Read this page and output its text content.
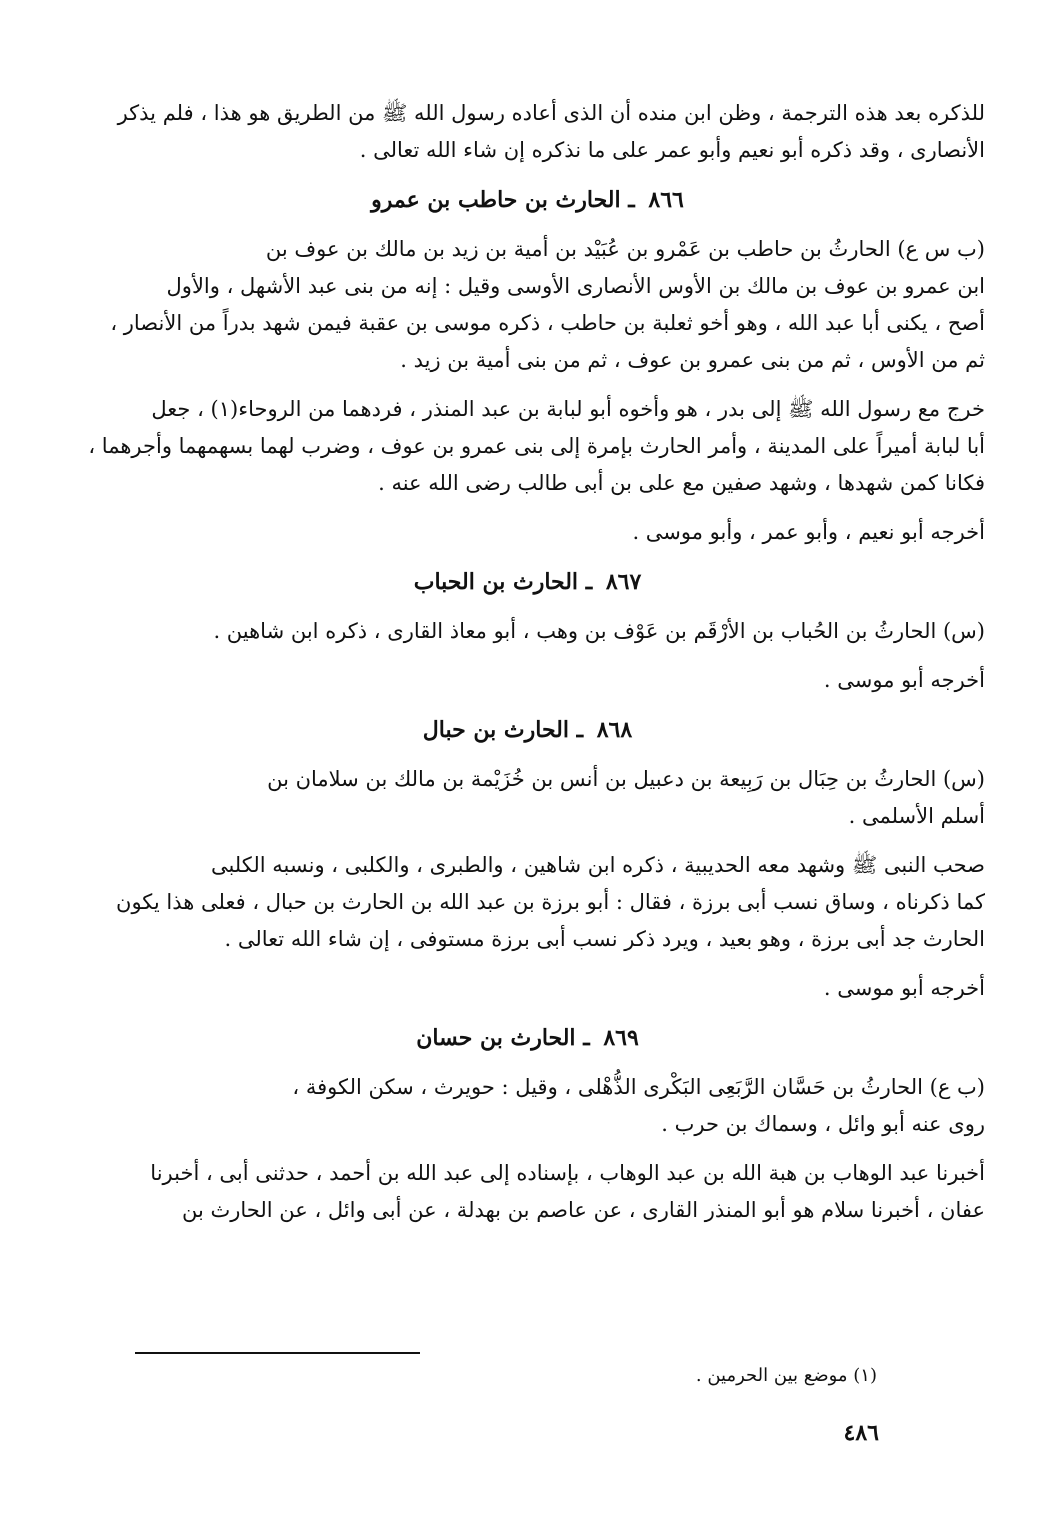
للذكره بعد هذه الترجمة ، وظن ابن منده أن الذى أعاده رسول الله ﷺ من الطريق هو هذا ، فلم يذكر
الأنصارى ، وقد ذكره أبو نعيم وأبو عمر على ما نذكره إن شاء الله تعالى .
٨٦٦ ـ الحارث بن حاطب بن عمرو
(ب س ع) الحارثُ بن حاطب بن عَمْرو بن عُبَيْد بن أمية بن زيد بن مالك بن عوف بن
ابن عمرو بن عوف بن مالك بن الأوس الأنصارى الأوسى وقيل : إنه من بنى عبد الأشهل ، والأول
أصح ، يكنى أبا عبد الله ، وهو أخو ثعلبة بن حاطب ، ذكره موسى بن عقبة فيمن شهد بدراً من الأنصار ،
ثم من الأوس ، ثم من بنى عمرو بن عوف ، ثم من بنى أمية بن زيد .
خرج مع رسول الله ﷺ إلى بدر ، هو وأخوه أبو لبابة بن عبد المنذر ، فردهما من الروحاء(١) ، جعل
أبا لبابة أميراً على المدينة ، وأمر الحارث بإمرة إلى بنى عمرو بن عوف ، وضرب لهما بسهمهما وأجرهما ،
فكانا كمن شهدها ، وشهد صفين مع على بن أبى طالب رضى الله عنه .
أخرجه أبو نعيم ، وأبو عمر ، وأبو موسى .
٨٦٧ ـ الحارث بن الحباب
(س) الحارثُ بن الحُباب بن الأرْقَم بن عَوْف بن وهب ، أبو معاذ القارى ، ذكره ابن شاهين .
أخرجه أبو موسى .
٨٦٨ ـ الحارث بن حبال
(س) الحارثُ بن حِبَال بن رَبِيعة بن دعبيل بن أنس بن خُزَيْمة بن مالك بن سلامان بن
أسلم الأسلمى .
صحب النبى ﷺ وشهد معه الحديبية ، ذكره ابن شاهين ، والطبرى ، والكلبى ، ونسبه الكلبى
كما ذكرناه ، وساق نسب أبى برزة ، فقال : أبو برزة بن عبد الله بن الحارث بن حبال ، فعلى هذا يكون
الحارث جد أبى برزة ، وهو بعيد ، ويرد ذكر نسب أبى برزة مستوفى ، إن شاء الله تعالى .
أخرجه أبو موسى .
٨٦٩ ـ الحارث بن حسان
(ب ع) الحارثُ بن حَسَّان الرَّبَعِى البَكْرى الذُّهْلى ، وقيل : حويرث ، سكن الكوفة ،
روى عنه أبو وائل ، وسماك بن حرب .
أخبرنا عبد الوهاب بن هبة الله بن عبد الوهاب ، بإسناده إلى عبد الله بن أحمد ، حدثنى أبى ، أخبرنا
عفان ، أخبرنا سلام هو أبو المنذر القارى ، عن عاصم بن بهدلة ، عن أبى وائل ، عن الحارث بن
(١) موضع بين الحرمين .
٤٨٦
